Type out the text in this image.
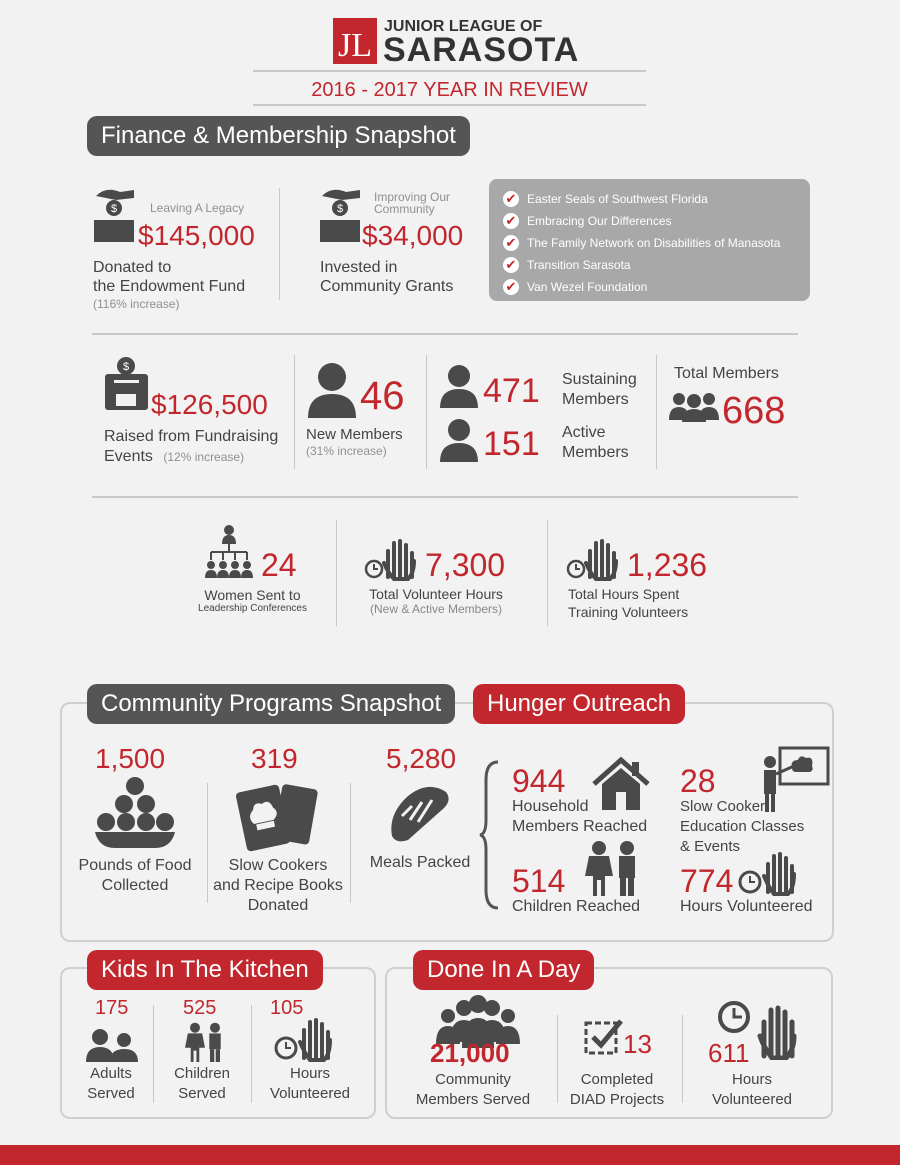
JL
JUNIOR LEAGUE OF
SARASOTA
2016 - 2017 YEAR IN REVIEW
Finance & Membership Snapshot
$	Leaving A Legacy
$145,000
Donated to
the Endowment Fund
(116% increase)
$
Improving Our
Community
$34,000
Invested in
Community Grants
✔ Easter Seals of Southwest Florida
✔ Embracing Our Differences
✔ The Family Network on Disabilities of Manasota
✔ Transition Sarasota
✔ Van Wezel Foundation
$
$126,500
Raised from Fundraising
Events (12% increase)
46
New Members
(31% increase)
471 Sustaining
Members
151 Active
Members
Total Members
668
24
Women Sent to
Leadership Conferences
7,300
Total Volunteer Hours
(New & Active Members)
1,236
Total Hours Spent
Training Volunteers
Community Programs Snapshot	Hunger Outreach
1,500
Pounds of Food
Collected
319
Slow Cookers
and Recipe Books
Donated
5,280
Meals Packed
944
Household
Members Reached
28
Slow Cooker
Education Classes
& Events
514
Children Reached
774
Hours Volunteered
Kids In The Kitchen
175
Adults
Served
525
Children
Served
105
Hours
Volunteered
Done In A Day
21,000
Community
Members Served
13
Completed
DIAD Projects
611
Hours
Volunteered
